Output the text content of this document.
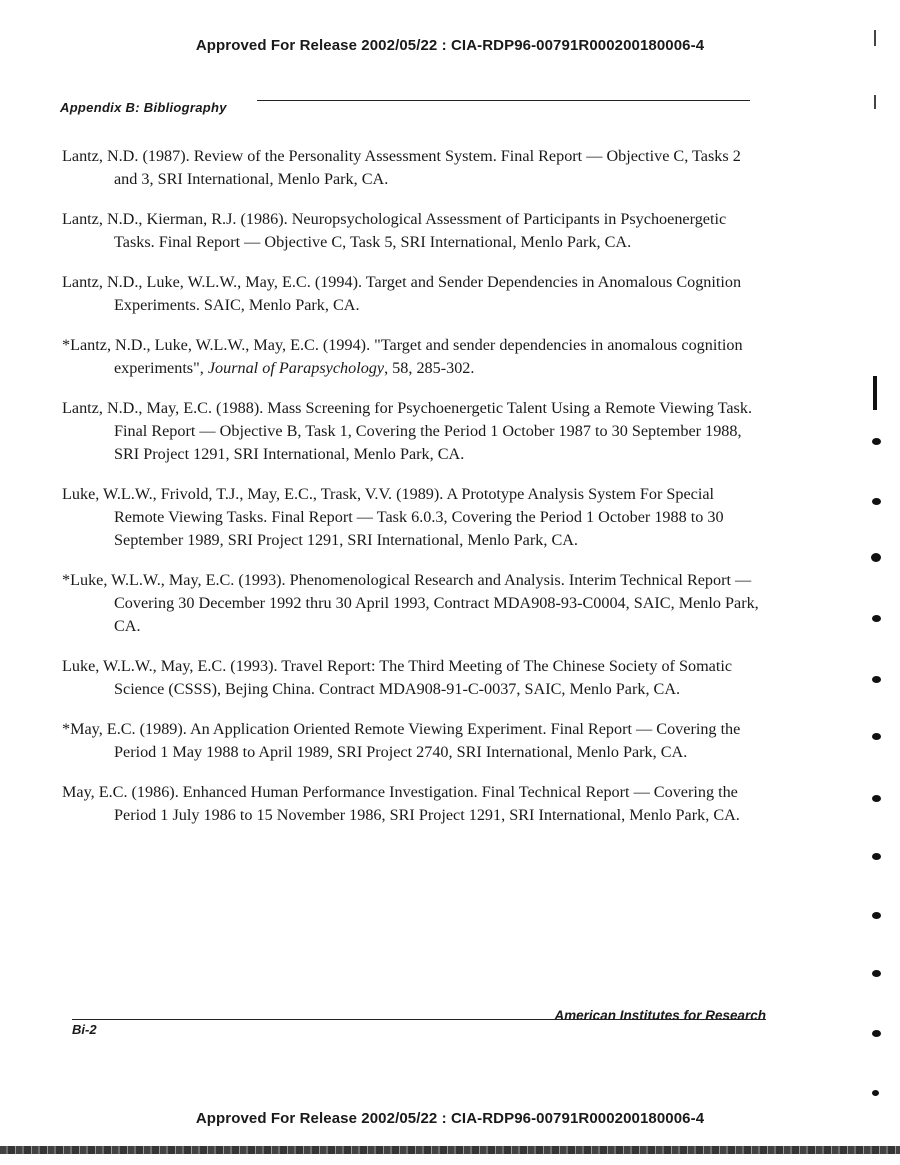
Approved For Release 2002/05/22 : CIA-RDP96-00791R000200180006-4
Appendix B: Bibliography

Lantz, N.D. (1987). Review of the Personality Assessment System. Final Report — Objective C, Tasks 2 and 3, SRI International, Menlo Park, CA.

Lantz, N.D., Kierman, R.J. (1986). Neuropsychological Assessment of Participants in Psychoenergetic Tasks. Final Report — Objective C, Task 5, SRI International, Menlo Park, CA.

Lantz, N.D., Luke, W.L.W., May, E.C. (1994). Target and Sender Dependencies in Anomalous Cognition Experiments. SAIC, Menlo Park, CA.

*Lantz, N.D., Luke, W.L.W., May, E.C. (1994). "Target and sender dependencies in anomalous cognition experiments", Journal of Parapsychology, 58, 285-302.

Lantz, N.D., May, E.C. (1988). Mass Screening for Psychoenergetic Talent Using a Remote Viewing Task. Final Report — Objective B, Task 1, Covering the Period 1 October 1987 to 30 September 1988, SRI Project 1291, SRI International, Menlo Park, CA.

Luke, W.L.W., Frivold, T.J., May, E.C., Trask, V.V. (1989). A Prototype Analysis System For Special Remote Viewing Tasks. Final Report — Task 6.0.3, Covering the Period 1 October 1988 to 30 September 1989, SRI Project 1291, SRI International, Menlo Park, CA.

*Luke, W.L.W., May, E.C. (1993). Phenomenological Research and Analysis. Interim Technical Report — Covering 30 December 1992 thru 30 April 1993, Contract MDA908-93-C0004, SAIC, Menlo Park, CA.

Luke, W.L.W., May, E.C. (1993). Travel Report: The Third Meeting of The Chinese Society of Somatic Science (CSSS), Bejing China. Contract MDA908-91-C-0037, SAIC, Menlo Park, CA.

*May, E.C. (1989). An Application Oriented Remote Viewing Experiment. Final Report — Covering the Period 1 May 1988 to April 1989, SRI Project 2740, SRI International, Menlo Park, CA.

May, E.C. (1986). Enhanced Human Performance Investigation. Final Technical Report — Covering the Period 1 July 1986 to 15 November 1986, SRI Project 1291, SRI International, Menlo Park, CA.

American Institutes for Research
Bi-2
Approved For Release 2002/05/22 : CIA-RDP96-00791R000200180006-4
